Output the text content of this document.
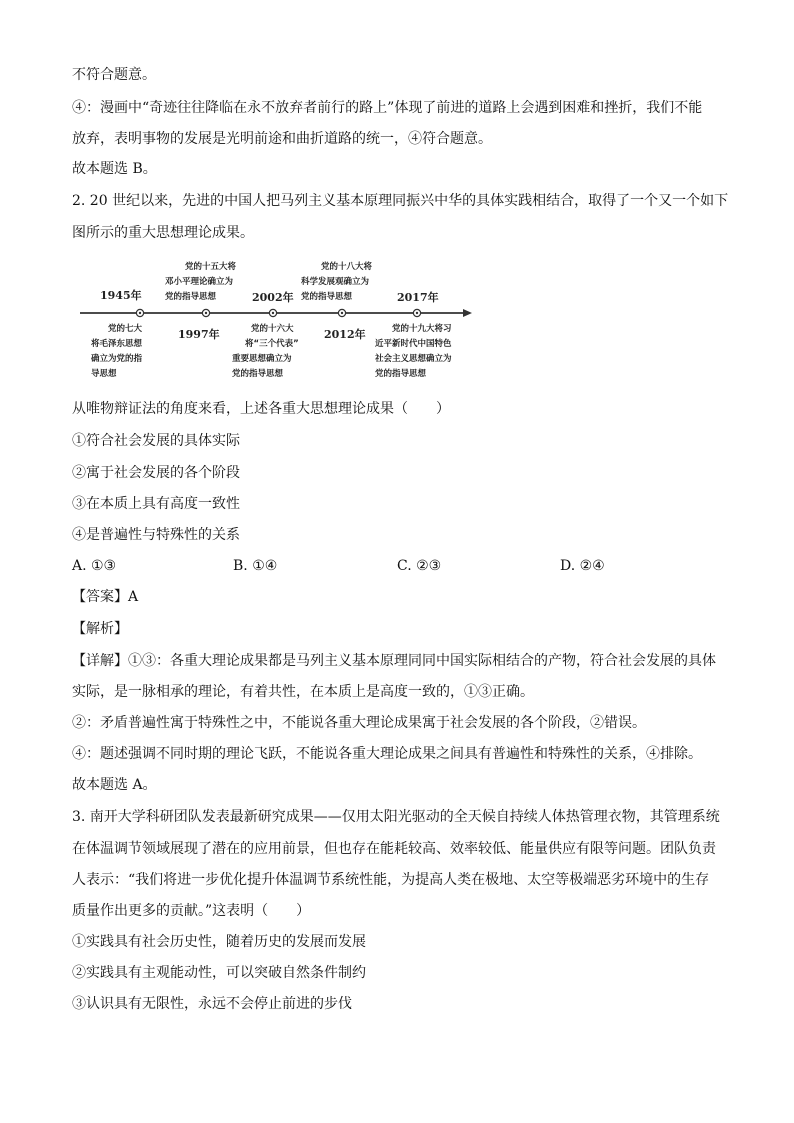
不符合题意。
④：漫画中“奇迹往往降临在永不放弃者前行的路上”体现了前进的道路上会遇到困难和挫折，我们不能
放弃，表明事物的发展是光明前途和曲折道路的统一，④符合题意。
故本题选 B。
2. 20 世纪以来，先进的中国人把马列主义基本原理同振兴中华的具体实践相结合，取得了一个又一个如下
图所示的重大思想理论成果。
1945年
1997年
2002年
2012年
2017年
党的七大
将毛泽东思想
确立为党的指
导思想
党的十五大将
邓小平理论确立为
党的指导思想
党的十六大
将“三个代表”
重要思想确立为
党的指导思想
党的十八大将
科学发展观确立为
党的指导思想
党的十九大将习
近平新时代中国特色
社会主义思想确立为
党的指导思想
从唯物辩证法的角度来看，上述各重大思想理论成果（　　）
①符合社会发展的具体实际
②寓于社会发展的各个阶段
③在本质上具有高度一致性
④是普遍性与特殊性的关系
A. ①③	B. ①④	C. ②③	D. ②④
【答案】A
【解析】
【详解】①③：各重大理论成果都是马列主义基本原理同同中国实际相结合的产物，符合社会发展的具体
实际，是一脉相承的理论，有着共性，在本质上是高度一致的，①③正确。
②：矛盾普遍性寓于特殊性之中，不能说各重大理论成果寓于社会发展的各个阶段，②错误。
④：题述强调不同时期的理论飞跃，不能说各重大理论成果之间具有普遍性和特殊性的关系，④排除。
故本题选 A。
3. 南开大学科研团队发表最新研究成果——仅用太阳光驱动的全天候自持续人体热管理衣物，其管理系统
在体温调节领域展现了潜在的应用前景，但也存在能耗较高、效率较低、能量供应有限等问题。团队负责
人表示：“我们将进一步优化提升体温调节系统性能，为提高人类在极地、太空等极端恶劣环境中的生存
质量作出更多的贡献。”这表明（　　）
①实践具有社会历史性，随着历史的发展而发展
②实践具有主观能动性，可以突破自然条件制约
③认识具有无限性，永远不会停止前进的步伐
